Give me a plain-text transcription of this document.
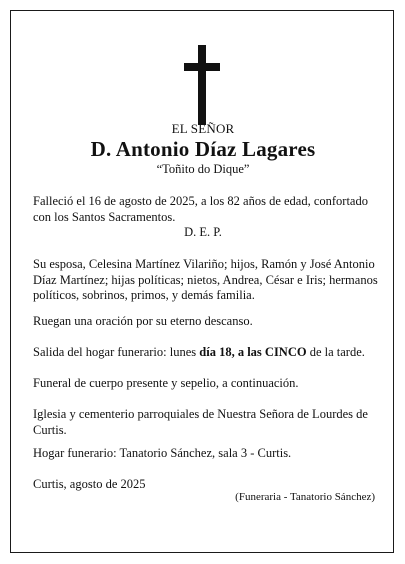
EL SEÑOR
D. Antonio Díaz Lagares
“Toñito do Dique”
Falleció el 16 de agosto de 2025, a los 82 años de edad, confortado con los Santos Sacramentos.
D. E. P.
Su esposa, Celesina Martínez Vilariño; hijos, Ramón y José Antonio Díaz Martínez; hijas políticas; nietos, Andrea, César e Iris; hermanos políticos, sobrinos, primos, y demás familia.
Ruegan una oración por su eterno descanso.
Salida del hogar funerario: lunes día 18, a las CINCO de la tarde.
Funeral de cuerpo presente y sepelio, a continuación.
Iglesia y cementerio parroquiales de Nuestra Señora de Lourdes de Curtis.
Hogar funerario: Tanatorio Sánchez, sala 3 - Curtis.
Curtis, agosto de 2025
(Funeraria - Tanatorio Sánchez)
